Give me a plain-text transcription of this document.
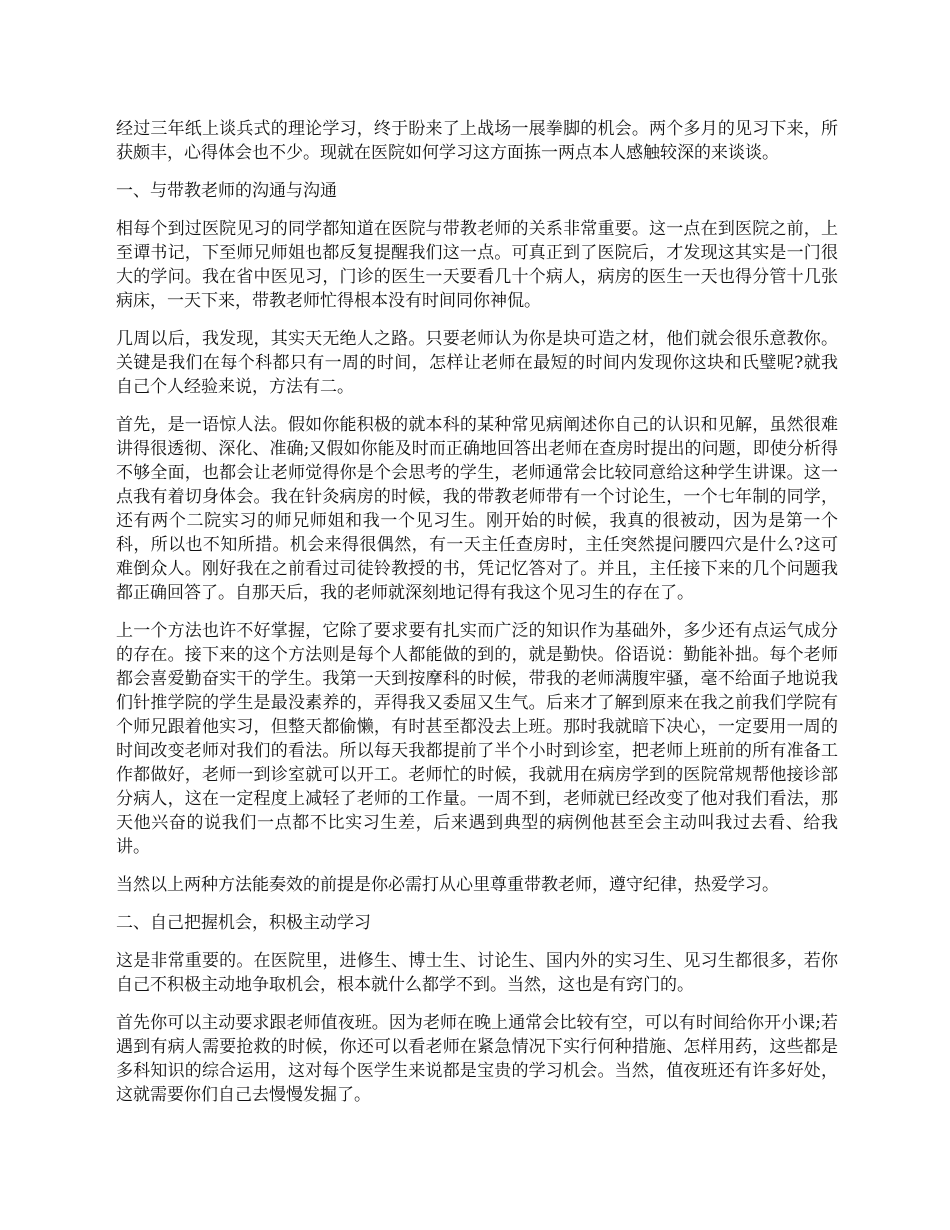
经过三年纸上谈兵式的理论学习，终于盼来了上战场一展拳脚的机会。两个多月的见习下来，所获颇丰，心得体会也不少。现就在医院如何学习这方面拣一两点本人感触较深的来谈谈。

一、与带教老师的沟通与沟通

相每个到过医院见习的同学都知道在医院与带教老师的关系非常重要。这一点在到医院之前，上至谭书记，下至师兄师姐也都反复提醒我们这一点。可真正到了医院后，才发现这其实是一门很大的学问。我在省中医见习，门诊的医生一天要看几十个病人，病房的医生一天也得分管十几张病床，一天下来，带教老师忙得根本没有时间同你神侃。

几周以后，我发现，其实天无绝人之路。只要老师认为你是块可造之材，他们就会很乐意教你。关键是我们在每个科都只有一周的时间，怎样让老师在最短的时间内发现你这块和氏璧呢?就我自己个人经验来说，方法有二。

首先，是一语惊人法。假如你能积极的就本科的某种常见病阐述你自己的认识和见解，虽然很难讲得很透彻、深化、准确;又假如你能及时而正确地回答出老师在查房时提出的问题，即使分析得不够全面，也都会让老师觉得你是个会思考的学生，老师通常会比较同意给这种学生讲课。这一点我有着切身体会。我在针灸病房的时候，我的带教老师带有一个讨论生，一个七年制的同学，还有两个二院实习的师兄师姐和我一个见习生。刚开始的时候，我真的很被动，因为是第一个科，所以也不知所措。机会来得很偶然，有一天主任查房时，主任突然提问腰四穴是什么?这可难倒众人。刚好我在之前看过司徒铃教授的书，凭记忆答对了。并且，主任接下来的几个问题我都正确回答了。自那天后，我的老师就深刻地记得有我这个见习生的存在了。

上一个方法也许不好掌握，它除了要求要有扎实而广泛的知识作为基础外，多少还有点运气成分的存在。接下来的这个方法则是每个人都能做的到的，就是勤快。俗语说：勤能补拙。每个老师都会喜爱勤奋实干的学生。我第一天到按摩科的时候，带我的老师满腹牢骚，毫不给面子地说我们针推学院的学生是最没素养的，弄得我又委屈又生气。后来才了解到原来在我之前我们学院有个师兄跟着他实习，但整天都偷懒，有时甚至都没去上班。那时我就暗下决心，一定要用一周的时间改变老师对我们的看法。所以每天我都提前了半个小时到诊室，把老师上班前的所有准备工作都做好，老师一到诊室就可以开工。老师忙的时候，我就用在病房学到的医院常规帮他接诊部分病人，这在一定程度上减轻了老师的工作量。一周不到，老师就已经改变了他对我们看法，那天他兴奋的说我们一点都不比实习生差，后来遇到典型的病例他甚至会主动叫我过去看、给我讲。

当然以上两种方法能奏效的前提是你必需打从心里尊重带教老师，遵守纪律，热爱学习。

二、自己把握机会，积极主动学习

这是非常重要的。在医院里，进修生、博士生、讨论生、国内外的实习生、见习生都很多，若你自己不积极主动地争取机会，根本就什么都学不到。当然，这也是有窍门的。

首先你可以主动要求跟老师值夜班。因为老师在晚上通常会比较有空，可以有时间给你开小课;若遇到有病人需要抢救的时候，你还可以看老师在紧急情况下实行何种措施、怎样用药，这些都是多科知识的综合运用，这对每个医学生来说都是宝贵的学习机会。当然，值夜班还有许多好处，这就需要你们自己去慢慢发掘了。
